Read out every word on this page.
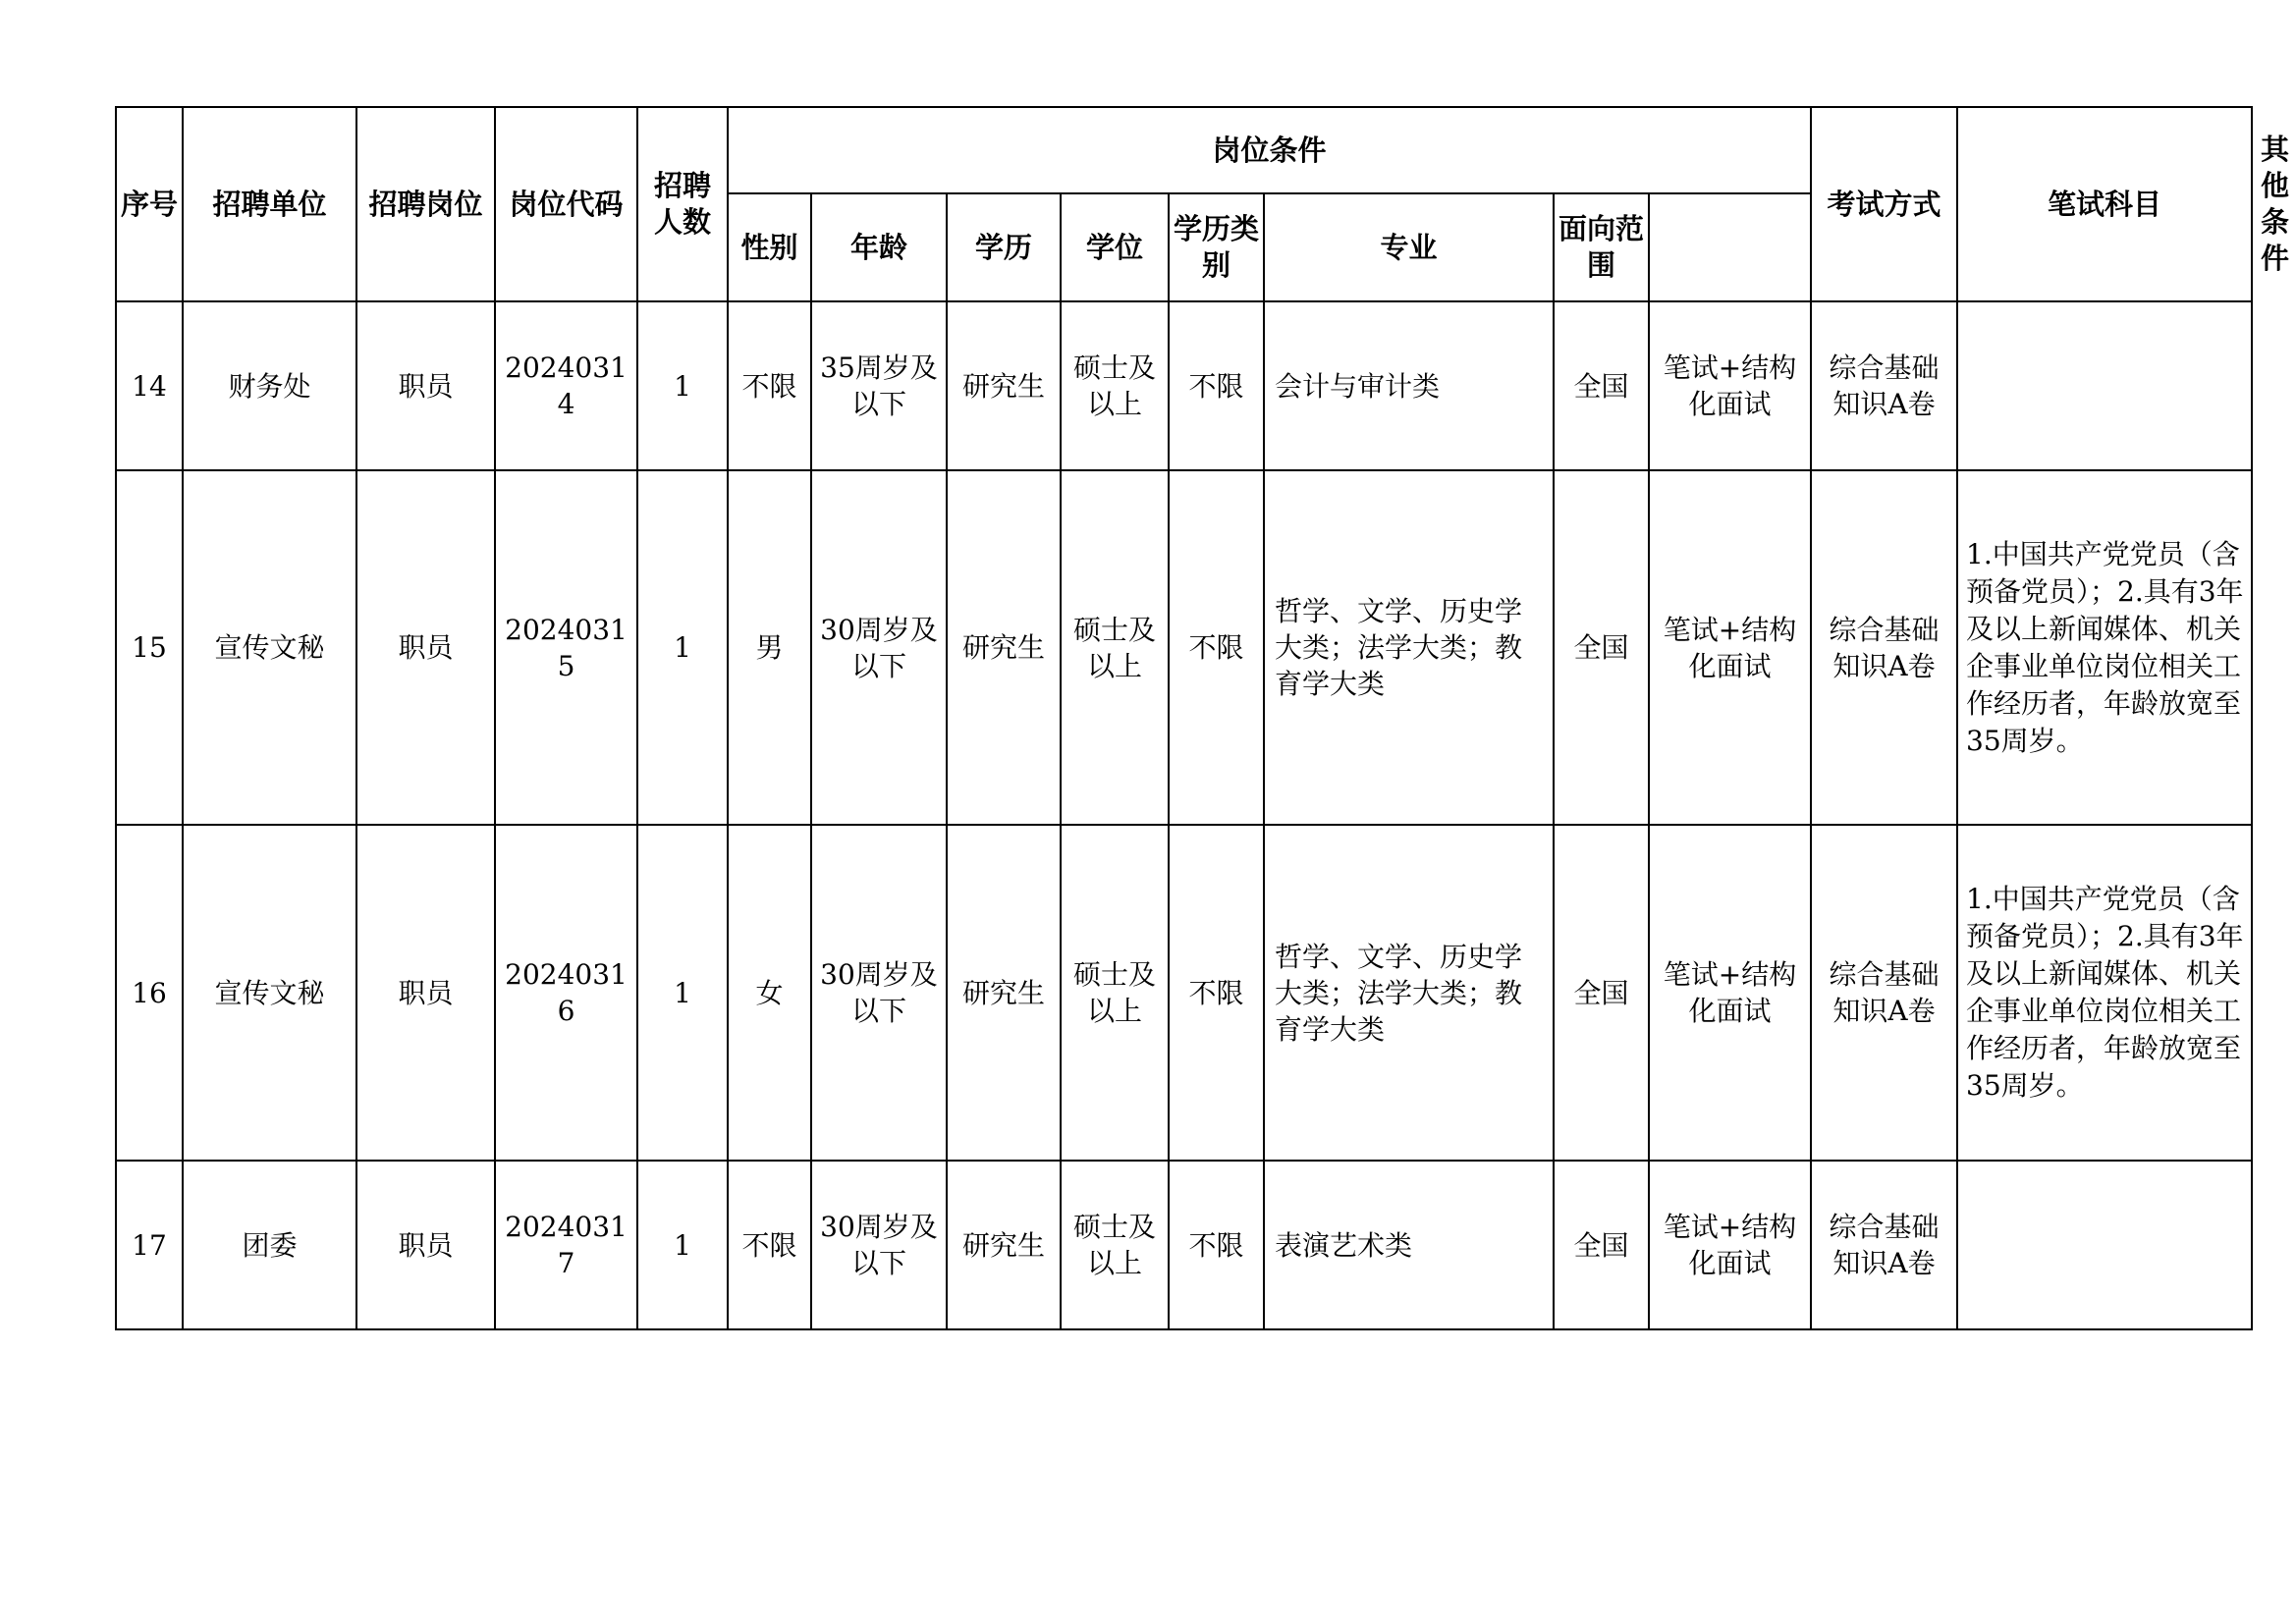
序号	招聘单位	招聘岗位	岗位代码	招聘人数	岗位条件								考试方式	笔试科目	其他条件
					性别	年龄	学历	学位	学历类别	专业	面向范围				
14	财务处	职员	20240314	1	不限	35周岁及以下	研究生	硕士及以上	不限	会计与审计类	全国	笔试+结构化面试	综合基础知识A卷		
15	宣传文秘	职员	20240315	1	男	30周岁及以下	研究生	硕士及以上	不限	哲学、文学、历史学大类；法学大类；教育学大类	全国	笔试+结构化面试	综合基础知识A卷	1.中国共产党党员（含预备党员）；2.具有3年及以上新闻媒体、机关企事业单位岗位相关工作经历者，年龄放宽至35周岁。	
16	宣传文秘	职员	20240316	1	女	30周岁及以下	研究生	硕士及以上	不限	哲学、文学、历史学大类；法学大类；教育学大类	全国	笔试+结构化面试	综合基础知识A卷	1.中国共产党党员（含预备党员）；2.具有3年及以上新闻媒体、机关企事业单位岗位相关工作经历者，年龄放宽至35周岁。	
17	团委	职员	20240317	1	不限	30周岁及以下	研究生	硕士及以上	不限	表演艺术类	全国	笔试+结构化面试	综合基础知识A卷		
